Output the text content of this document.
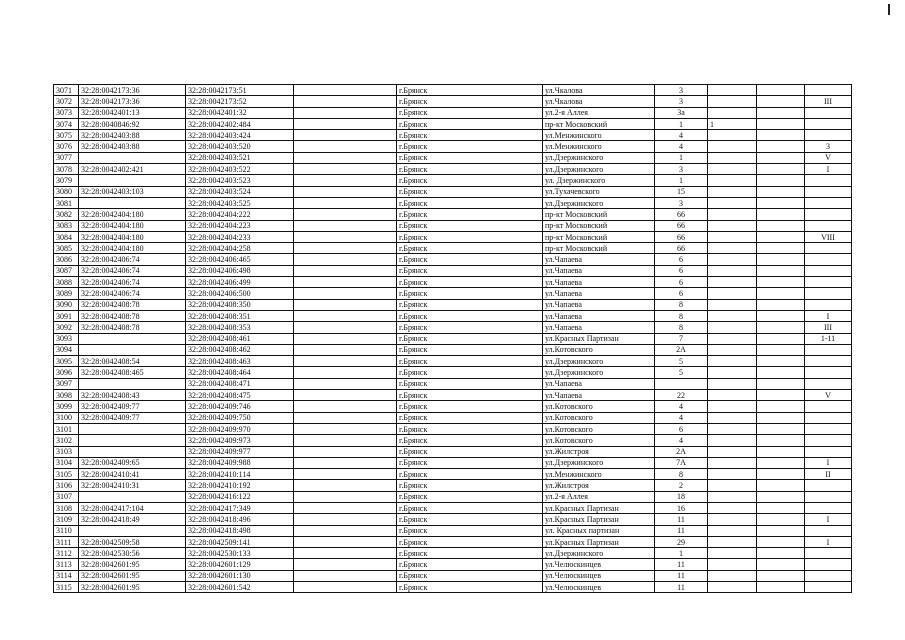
3071	32:28:0042173:36	32:28:0042173:51		г.Брянск	ул.Чкалова	3			
3072	32:28:0042173:36	32:28:0042173:52		г.Брянск	ул.Чкалова	3			III
3073	32:28:0042401:13	32:28:0042401:32		г.Брянск	ул.2-я Аллея	3а			
3074	32:28:0040846:92	32:28:0042402:484		г.Брянск	пр-кт Московский	1	1		
3075	32:28:0042403:88	32:28:0042403:424		г.Брянск	ул.Менжинского	4			
3076	32:28:0042403:88	32:28:0042403:520		г.Брянск	ул.Менжинского	4			3
3077		32:28:0042403:521		г.Брянск	ул.Дзержинского	1			V
3078	32:28:0042402:421	32:28:0042403:522		г.Брянск	ул.Дзержинского	3			I
3079		32:28:0042403:523		г.Брянск	ул. Дзержинского	1			
3080	32:28:0042403:103	32:28:0042403:524		г.Брянск	ул.Тухачевского	15			
3081		32:28:0042403:525		г.Брянск	ул.Дзержинского	3			
3082	32:28:0042404:180	32:28:0042404:222		г.Брянск	пр-кт Московский	66			
3083	32:28:0042404:180	32:28:0042404:223		г.Брянск	пр-кт Московский	66			
3084	32:28:0042404:180	32:28:0042404:233		г.Брянск	пр-кт Московский	66			VIII
3085	32:28:0042404:180	32:28:0042404:258		г.Брянск	пр-кт Московский	66			
3086	32:28:0042406:74	32:28:0042406:465		г.Брянск	ул.Чапаева	6			
3087	32:28:0042406:74	32:28:0042406:498		г.Брянск	ул.Чапаева	6			
3088	32:28:0042406:74	32:28:0042406:499		г.Брянск	ул.Чапаева	6			
3089	32:28:0042406:74	32:28:0042406:500		г.Брянск	ул.Чапаева	6			
3090	32:28:0042408:78	32:28:0042408:350		г.Брянск	ул.Чапаева	8			
3091	32:28:0042408:78	32:28:0042408:351		г.Брянск	ул.Чапаева	8			I
3092	32:28:0042408:78	32:28:0042408:353		г.Брянск	ул.Чапаева	8			III
3093		32:28:0042408:461		г.Брянск	ул.Красных Партизан	7			1-11
3094		32:28:0042408:462		г.Брянск	ул.Котовского	2А			
3095	32:28:0042408:54	32:28:0042408:463		г.Брянск	ул.Дзержинского	5			
3096	32:28:0042408:465	32:28:0042408:464		г.Брянск	ул.Дзержинского	5			
3097		32:28:0042408:471		г.Брянск	ул.Чапаева				
3098	32:28:0042408:43	32:28:0042408:475		г.Брянск	ул.Чапаева	22			V
3099	32:28:0042409:77	32:28:0042409:746		г.Брянск	ул.Котовского	4			
3100	32:28:0042409:77	32:28:0042409:750		г.Брянск	ул.Котовского	4			
3101		32:28:0042409:970		г.Брянск	ул.Котовского	6			
3102		32:28:0042409:973		г.Брянск	ул.Котовского	4			
3103		32:28:0042409:977		г.Брянск	ул.Жилстроя	2А			
3104	32:28:0042409:65	32:28:0042409:988		г.Брянск	ул.Дзержинского	7А			I
3105	32:28:0042410:41	32:28:0042410:114		г.Брянск	ул.Менжинского	8			II
3106	32:28:0042410:31	32:28:0042410:192		г.Брянск	ул.Жилстроя	2			
3107		32:28:0042416:122		г.Брянск	ул.2-я Аллея	18			
3108	32:28:0042417:104	32:28:0042417:349		г.Брянск	ул.Красных Партизан	16			
3109	32:28:0042418:49	32:28:0042418:496		г.Брянск	ул.Красных Партизан	11			I
3110		32:28:0042418:498		г.Брянск	ул. Красных партизан	11			
3111	32:28:0042509:58	32:28:0042509:141		г.Брянск	ул.Красных Партизан	29			I
3112	32:28:0042530:56	32:28:0042530:133		г.Брянск	ул.Дзержинского	1			
3113	32:28:0042601:95	32:28:0042601:129		г.Брянск	ул.Челюскинцев	11			
3114	32:28:0042601:95	32:28:0042601:130		г.Брянск	ул.Челюскинцев	11			
3115	32:28:0042601:95	32:28:0042601:542		г.Брянск	ул.Челюскинцев	11			
